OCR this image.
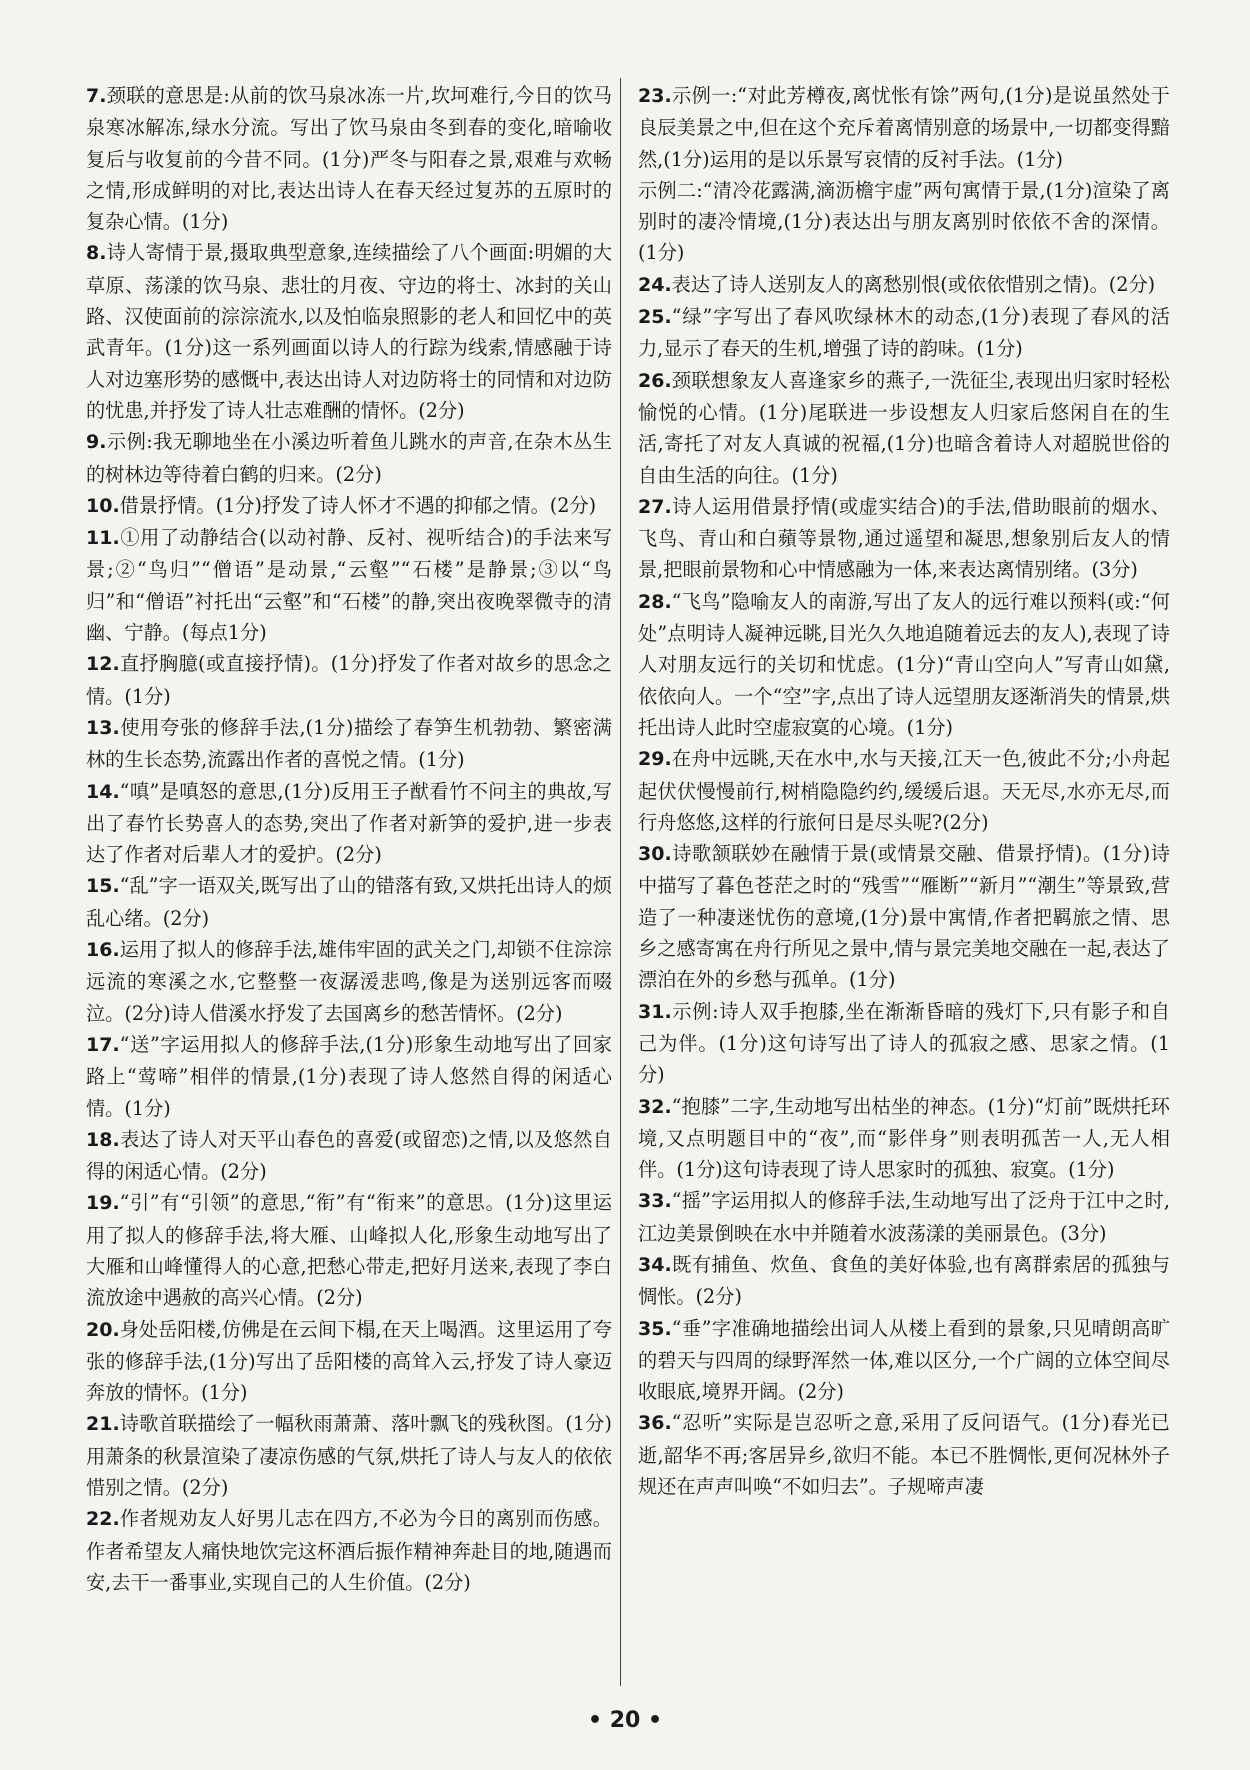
7.颈联的意思是:从前的饮马泉冰冻一片,坎坷难行,今日的饮马泉寒冰解冻,绿水分流。写出了饮马泉由冬到春的变化,暗喻收复后与收复前的今昔不同。(1分)严冬与阳春之景,艰难与欢畅之情,形成鲜明的对比,表达出诗人在春天经过复苏的五原时的复杂心情。(1分)

8.诗人寄情于景,摄取典型意象,连续描绘了八个画面:明媚的大草原、荡漾的饮马泉、悲壮的月夜、守边的将士、冰封的关山路、汉使面前的淙淙流水,以及怕临泉照影的老人和回忆中的英武青年。(1分)这一系列画面以诗人的行踪为线索,情感融于诗人对边塞形势的感慨中,表达出诗人对边防将士的同情和对边防的忧患,并抒发了诗人壮志难酬的情怀。(2分)

9.示例:我无聊地坐在小溪边听着鱼儿跳水的声音,在杂木丛生的树林边等待着白鹤的归来。(2分)

10.借景抒情。(1分)抒发了诗人怀才不遇的抑郁之情。(2分)

11.①用了动静结合(以动衬静、反衬、视听结合)的手法来写景;②“鸟归”“僧语”是动景,“云壑”“石楼”是静景;③以“鸟归”和“僧语”衬托出“云壑”和“石楼”的静,突出夜晚翠微寺的清幽、宁静。(每点1分)

12.直抒胸臆(或直接抒情)。(1分)抒发了作者对故乡的思念之情。(1分)

13.使用夸张的修辞手法,(1分)描绘了春笋生机勃勃、繁密满林的生长态势,流露出作者的喜悦之情。(1分)

14.“嗔”是嗔怒的意思,(1分)反用王子猷看竹不问主的典故,写出了春竹长势喜人的态势,突出了作者对新笋的爱护,进一步表达了作者对后辈人才的爱护。(2分)

15.“乱”字一语双关,既写出了山的错落有致,又烘托出诗人的烦乱心绪。(2分)

16.运用了拟人的修辞手法,雄伟牢固的武关之门,却锁不住淙淙远流的寒溪之水,它整整一夜潺湲悲鸣,像是为送别远客而啜泣。(2分)诗人借溪水抒发了去国离乡的愁苦情怀。(2分)

17.“送”字运用拟人的修辞手法,(1分)形象生动地写出了回家路上“莺啼”相伴的情景,(1分)表现了诗人悠然自得的闲适心情。(1分)

18.表达了诗人对天平山春色的喜爱(或留恋)之情,以及悠然自得的闲适心情。(2分)

19.“引”有“引领”的意思,“衔”有“衔来”的意思。(1分)这里运用了拟人的修辞手法,将大雁、山峰拟人化,形象生动地写出了大雁和山峰懂得人的心意,把愁心带走,把好月送来,表现了李白流放途中遇赦的高兴心情。(2分)

20.身处岳阳楼,仿佛是在云间下榻,在天上喝酒。这里运用了夸张的修辞手法,(1分)写出了岳阳楼的高耸入云,抒发了诗人豪迈奔放的情怀。(1分)

21.诗歌首联描绘了一幅秋雨萧萧、落叶飘飞的残秋图。(1分)用萧条的秋景渲染了凄凉伤感的气氛,烘托了诗人与友人的依依惜别之情。(2分)

22.作者规劝友人好男儿志在四方,不必为今日的离别而伤感。作者希望友人痛快地饮完这杯酒后振作精神奔赴目的地,随遇而安,去干一番事业,实现自己的人生价值。(2分)

23.示例一:“对此芳樽夜,离忧怅有馀”两句,(1分)是说虽然处于良辰美景之中,但在这个充斥着离情别意的场景中,一切都变得黯然,(1分)运用的是以乐景写哀情的反衬手法。(1分)

示例二:“清冷花露满,滴沥檐宇虚”两句寓情于景,(1分)渲染了离别时的凄冷情境,(1分)表达出与朋友离别时依依不舍的深情。(1分)

24.表达了诗人送别友人的离愁别恨(或依依惜别之情)。(2分)

25.“绿”字写出了春风吹绿林木的动态,(1分)表现了春风的活力,显示了春天的生机,增强了诗的韵味。(1分)

26.颈联想象友人喜逢家乡的燕子,一洗征尘,表现出归家时轻松愉悦的心情。(1分)尾联进一步设想友人归家后悠闲自在的生活,寄托了对友人真诚的祝福,(1分)也暗含着诗人对超脱世俗的自由生活的向往。(1分)

27.诗人运用借景抒情(或虚实结合)的手法,借助眼前的烟水、飞鸟、青山和白蘋等景物,通过遥望和凝思,想象别后友人的情景,把眼前景物和心中情感融为一体,来表达离情别绪。(3分)

28.“飞鸟”隐喻友人的南游,写出了友人的远行难以预料(或:“何处”点明诗人凝神远眺,目光久久地追随着远去的友人),表现了诗人对朋友远行的关切和忧虑。(1分)“青山空向人”写青山如黛,依依向人。一个“空”字,点出了诗人远望朋友逐渐消失的情景,烘托出诗人此时空虚寂寞的心境。(1分)

29.在舟中远眺,天在水中,水与天接,江天一色,彼此不分;小舟起起伏伏慢慢前行,树梢隐隐约约,缓缓后退。天无尽,水亦无尽,而行舟悠悠,这样的行旅何日是尽头呢?(2分)

30.诗歌颔联妙在融情于景(或情景交融、借景抒情)。(1分)诗中描写了暮色苍茫之时的“残雪”“雁断”“新月”“潮生”等景致,营造了一种凄迷忧伤的意境,(1分)景中寓情,作者把羁旅之情、思乡之感寄寓在舟行所见之景中,情与景完美地交融在一起,表达了漂泊在外的乡愁与孤单。(1分)

31.示例:诗人双手抱膝,坐在渐渐昏暗的残灯下,只有影子和自己为伴。(1分)这句诗写出了诗人的孤寂之感、思家之情。(1分)

32.“抱膝”二字,生动地写出枯坐的神态。(1分)“灯前”既烘托环境,又点明题目中的“夜”,而“影伴身”则表明孤苦一人,无人相伴。(1分)这句诗表现了诗人思家时的孤独、寂寞。(1分)

33.“摇”字运用拟人的修辞手法,生动地写出了泛舟于江中之时,江边美景倒映在水中并随着水波荡漾的美丽景色。(3分)

34.既有捕鱼、炊鱼、食鱼的美好体验,也有离群索居的孤独与惆怅。(2分)

35.“垂”字准确地描绘出词人从楼上看到的景象,只见晴朗高旷的碧天与四周的绿野浑然一体,难以区分,一个广阔的立体空间尽收眼底,境界开阔。(2分)

36.“忍听”实际是岂忍听之意,采用了反问语气。(1分)春光已逝,韶华不再;客居异乡,欲归不能。本已不胜惆怅,更何况林外子规还在声声叫唤“不如归去”。子规啼声凄

• 20 •
